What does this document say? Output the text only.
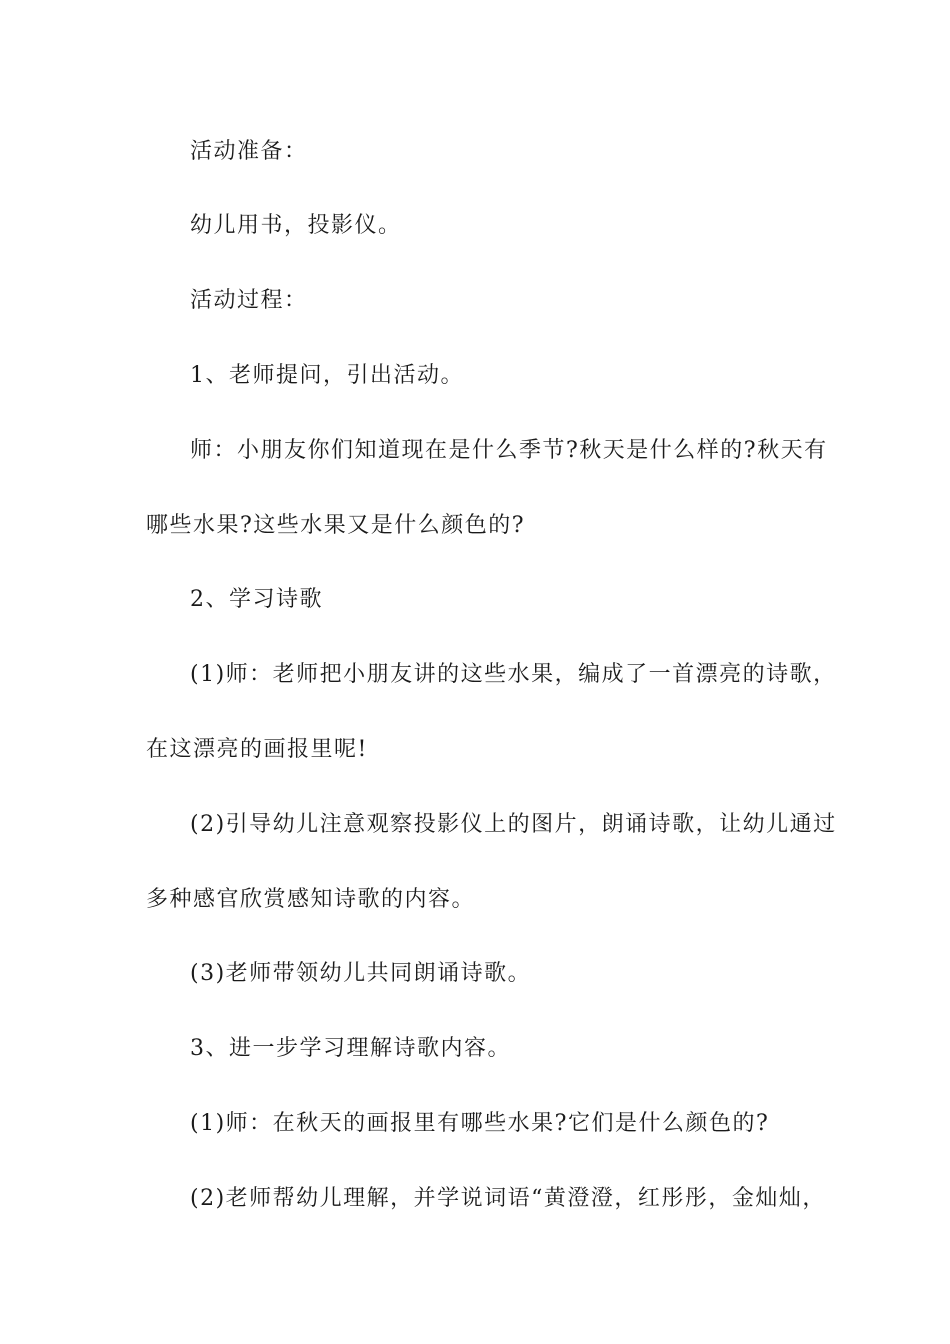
活动准备：
幼儿用书，投影仪。
活动过程：
1、老师提问，引出活动。
师：小朋友你们知道现在是什么季节?秋天是什么样的?秋天有
哪些水果?这些水果又是什么颜色的?
2、学习诗歌
(1)师：老师把小朋友讲的这些水果，编成了一首漂亮的诗歌，
在这漂亮的画报里呢!
(2)引导幼儿注意观察投影仪上的图片，朗诵诗歌，让幼儿通过
多种感官欣赏感知诗歌的内容。
(3)老师带领幼儿共同朗诵诗歌。
3、进一步学习理解诗歌内容。
(1)师：在秋天的画报里有哪些水果?它们是什么颜色的?
(2)老师帮幼儿理解，并学说词语“黄澄澄，红彤彤，金灿灿，
